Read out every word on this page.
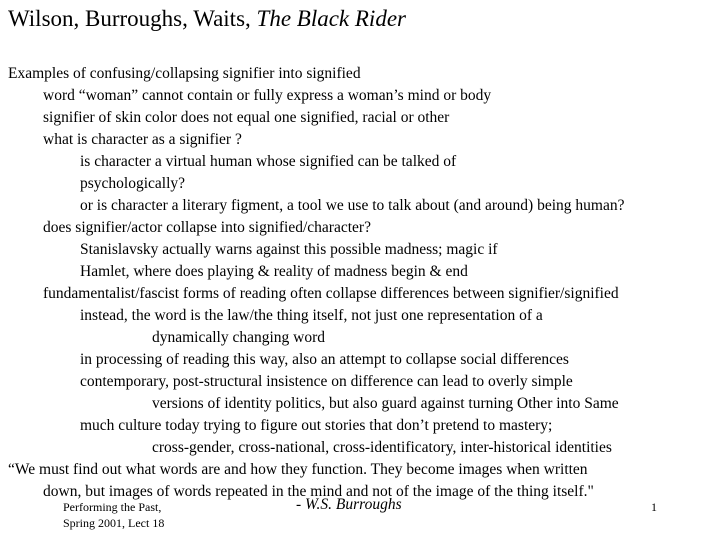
Wilson, Burroughs, Waits, The Black Rider
Examples of confusing/collapsing signifier into signified
word “woman” cannot contain or fully express a woman’s mind or body
signifier of skin color does not equal one signified, racial or other
what is character as a signifier ?
is character a virtual human whose signified can be talked of
psychologically?
or is character a literary figment, a tool we use to talk about (and around) being human?
does signifier/actor collapse into signified/character?
Stanislavsky actually warns against this possible madness; magic if
Hamlet, where does playing & reality of madness begin & end
fundamentalist/fascist forms of reading often collapse differences between signifier/signified
instead, the word is the law/the thing itself, not just one representation of a
dynamically changing word
in processing of reading this way, also an attempt to collapse social differences
contemporary, post-structural insistence on difference can lead to overly simple
versions of identity politics, but also guard against turning Other into Same
much culture today trying to figure out stories that don’t pretend to mastery;
cross-gender, cross-national, cross-identificatory, inter-historical identities
“We must find out what words are and how they function. They become images when written
down, but images of words repeated in the mind and not of the image of the thing itself."
- W.S. Burroughs
Performing the Past,
Spring 2001, Lect 18
1
